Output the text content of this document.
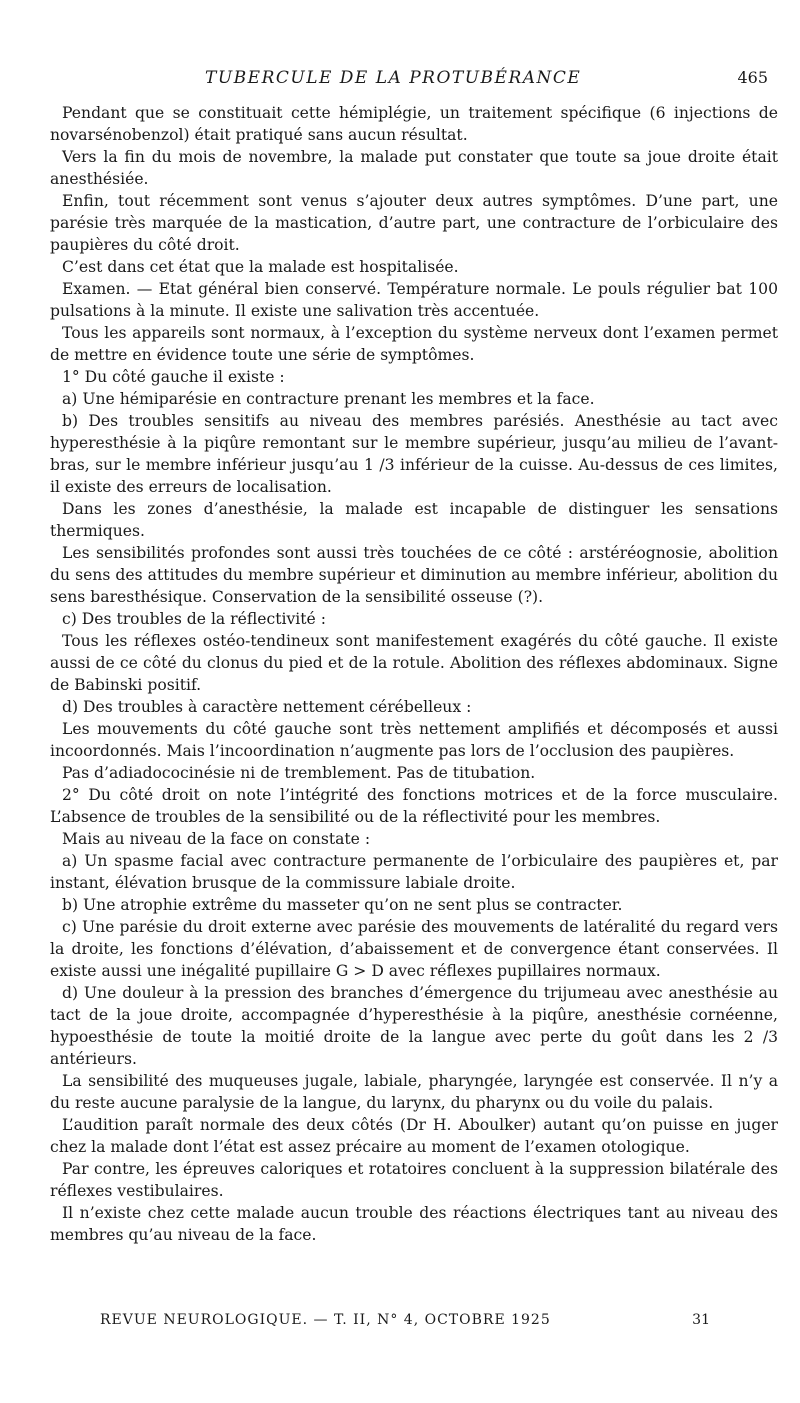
TUBERCULE DE LA PROTUBÉRANCE	465

Pendant que se constituait cette hémiplégie, un traitement spécifique (6 injections de novarsénobenzol) était pratiqué sans aucun résultat.

Vers la fin du mois de novembre, la malade put constater que toute sa joue droite était anesthésiée.

Enfin, tout récemment sont venus s’ajouter deux autres symptômes. D’une part, une parésie très marquée de la mastication, d’autre part, une contracture de l’orbiculaire des paupières du côté droit.

C’est dans cet état que la malade est hospitalisée.

Examen. — Etat général bien conservé. Température normale. Le pouls régulier bat 100 pulsations à la minute. Il existe une salivation très accentuée.

Tous les appareils sont normaux, à l’exception du système nerveux dont l’examen permet de mettre en évidence toute une série de symptômes.

1° Du côté gauche il existe :

a) Une hémiparésie en contracture prenant les membres et la face.

b) Des troubles sensitifs au niveau des membres parésiés. Anesthésie au tact avec hyperesthésie à la piqûre remontant sur le membre supérieur, jusqu’au milieu de l’avant-bras, sur le membre inférieur jusqu’au 1 /3 inférieur de la cuisse. Au-dessus de ces limites, il existe des erreurs de localisation.

Dans les zones d’anesthésie, la malade est incapable de distinguer les sensations thermiques.

Les sensibilités profondes sont aussi très touchées de ce côté : arstéréognosie, abolition du sens des attitudes du membre supérieur et diminution au membre inférieur, abolition du sens baresthésique. Conservation de la sensibilité osseuse (?).

c) Des troubles de la réflectivité :

Tous les réflexes ostéo-tendineux sont manifestement exagérés du côté gauche. Il existe aussi de ce côté du clonus du pied et de la rotule. Abolition des réflexes abdominaux. Signe de Babinski positif.

d) Des troubles à caractère nettement cérébelleux :

Les mouvements du côté gauche sont très nettement amplifiés et décomposés et aussi incoordonnés. Mais l’incoordination n’augmente pas lors de l’occlusion des paupières.

Pas d’adiadococinésie ni de tremblement. Pas de titubation.

2° Du côté droit on note l’intégrité des fonctions motrices et de la force musculaire. L’absence de troubles de la sensibilité ou de la réflectivité pour les membres.

Mais au niveau de la face on constate :

a) Un spasme facial avec contracture permanente de l’orbiculaire des paupières et, par instant, élévation brusque de la commissure labiale droite.

b) Une atrophie extrême du masseter qu’on ne sent plus se contracter.

c) Une parésie du droit externe avec parésie des mouvements de latéralité du regard vers la droite, les fonctions d’élévation, d’abaissement et de convergence étant conservées. Il existe aussi une inégalité pupillaire G > D avec réflexes pupillaires normaux.

d) Une douleur à la pression des branches d’émergence du trijumeau avec anesthésie au tact de la joue droite, accompagnée d’hyperesthésie à la piqûre, anesthésie cornéenne, hypoesthésie de toute la moitié droite de la langue avec perte du goût dans les 2 /3 antérieurs.

La sensibilité des muqueuses jugale, labiale, pharyngée, laryngée est conservée. Il n’y a du reste aucune paralysie de la langue, du larynx, du pharynx ou du voile du palais.

L’audition paraît normale des deux côtés (Dr H. Aboulker) autant qu’on puisse en juger chez la malade dont l’état est assez précaire au moment de l’examen otologique.

Par contre, les épreuves caloriques et rotatoires concluent à la suppression bilatérale des réflexes vestibulaires.

Il n’existe chez cette malade aucun trouble des réactions électriques tant au niveau des membres qu’au niveau de la face.

REVUE NEUROLOGIQUE. — T. II, N° 4, OCTOBRE 1925	31
